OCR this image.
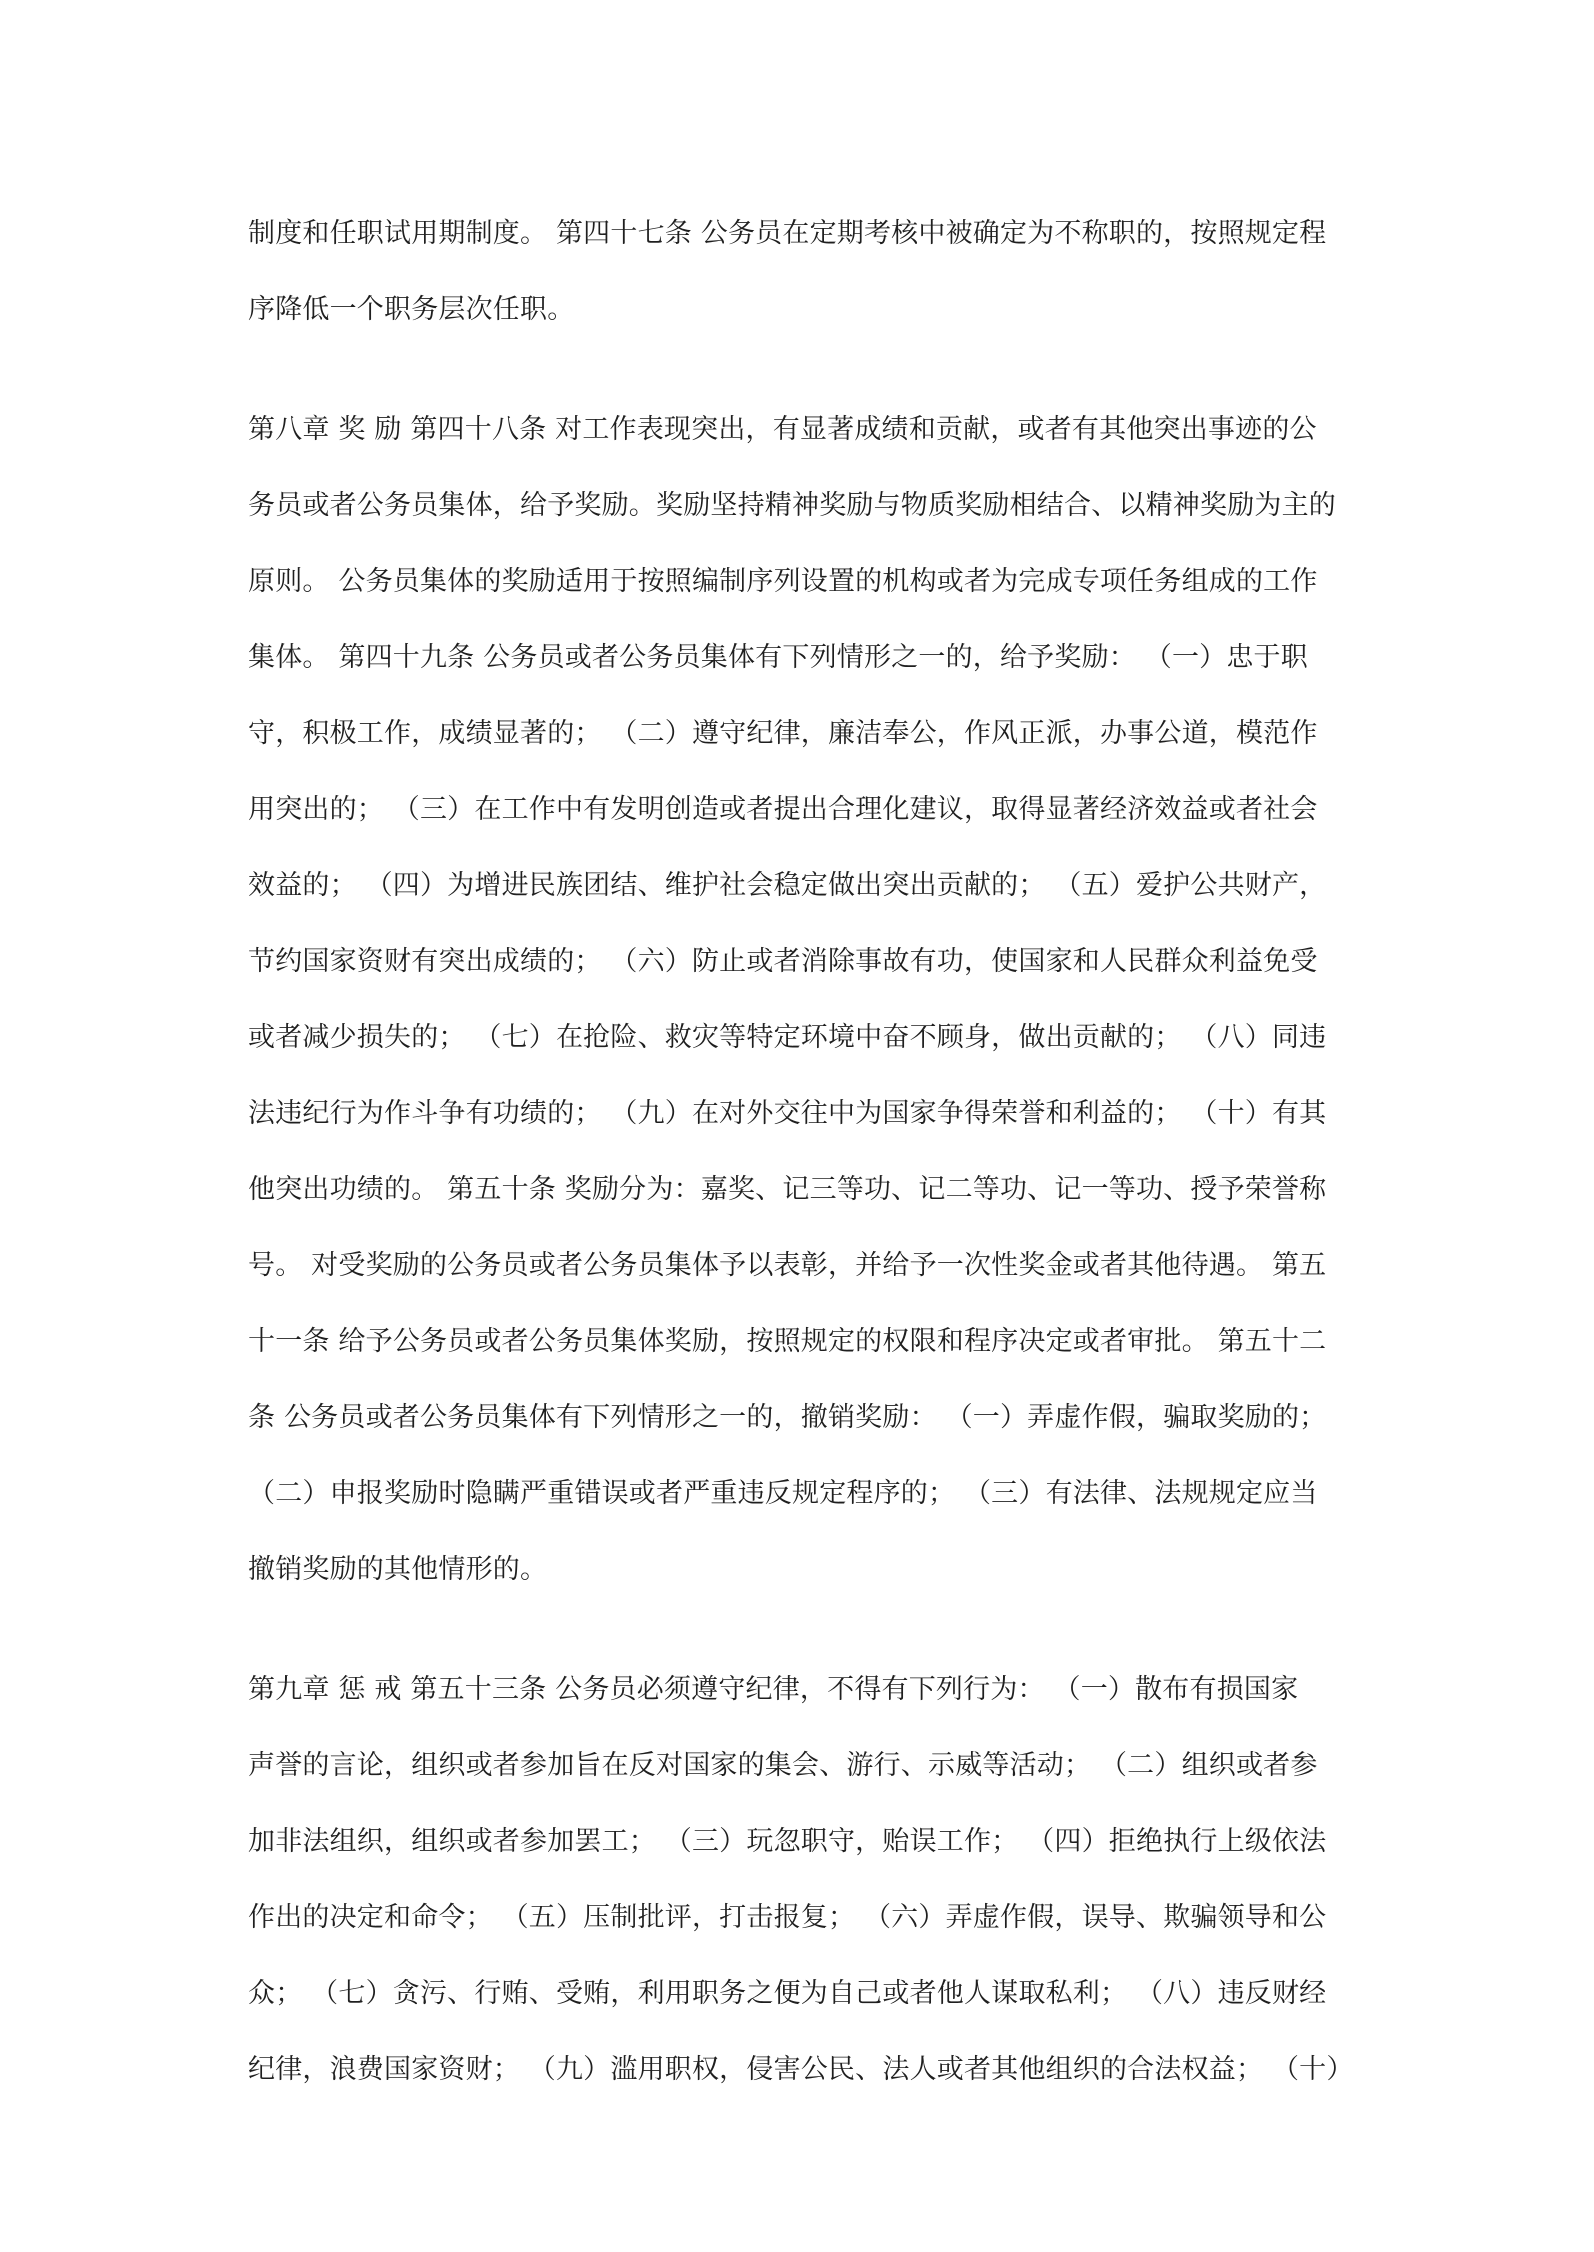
制度和任职试用期制度。 第四十七条 公务员在定期考核中被确定为不称职的，按照规定程
序降低一个职务层次任职。

第八章 奖 励 第四十八条 对工作表现突出，有显著成绩和贡献，或者有其他突出事迹的公
务员或者公务员集体，给予奖励。奖励坚持精神奖励与物质奖励相结合、以精神奖励为主的
原则。 公务员集体的奖励适用于按照编制序列设置的机构或者为完成专项任务组成的工作
集体。 第四十九条 公务员或者公务员集体有下列情形之一的，给予奖励： （一）忠于职
守，积极工作，成绩显著的； （二）遵守纪律，廉洁奉公，作风正派，办事公道，模范作
用突出的； （三）在工作中有发明创造或者提出合理化建议，取得显著经济效益或者社会
效益的； （四）为增进民族团结、维护社会稳定做出突出贡献的； （五）爱护公共财产，
节约国家资财有突出成绩的； （六）防止或者消除事故有功，使国家和人民群众利益免受
或者减少损失的； （七）在抢险、救灾等特定环境中奋不顾身，做出贡献的； （八）同违
法违纪行为作斗争有功绩的； （九）在对外交往中为国家争得荣誉和利益的； （十）有其
他突出功绩的。 第五十条 奖励分为：嘉奖、记三等功、记二等功、记一等功、授予荣誉称
号。 对受奖励的公务员或者公务员集体予以表彰，并给予一次性奖金或者其他待遇。 第五
十一条 给予公务员或者公务员集体奖励，按照规定的权限和程序决定或者审批。 第五十二
条 公务员或者公务员集体有下列情形之一的，撤销奖励： （一）弄虚作假，骗取奖励的；
（二）申报奖励时隐瞒严重错误或者严重违反规定程序的； （三）有法律、法规规定应当
撤销奖励的其他情形的。

第九章 惩 戒 第五十三条 公务员必须遵守纪律，不得有下列行为： （一）散布有损国家
声誉的言论，组织或者参加旨在反对国家的集会、游行、示威等活动； （二）组织或者参
加非法组织，组织或者参加罢工； （三）玩忽职守，贻误工作； （四）拒绝执行上级依法
作出的决定和命令； （五）压制批评，打击报复； （六）弄虚作假，误导、欺骗领导和公
众； （七）贪污、行贿、受贿，利用职务之便为自己或者他人谋取私利； （八）违反财经
纪律，浪费国家资财； （九）滥用职权，侵害公民、法人或者其他组织的合法权益； （十）
